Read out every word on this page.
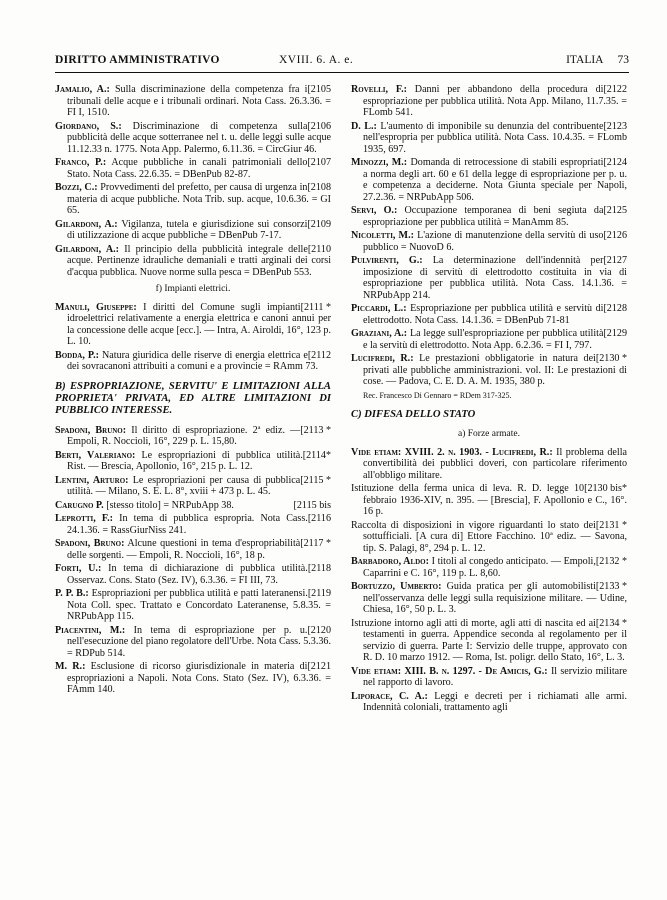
DIRITTO AMMINISTRATIVO	XVIII. 6. A. e.	ITALIA 73
[2105
Jamalio, A.: Sulla discriminazione della competenza fra i tribunali delle acque e i tribunali ordinari. Nota Cass. 26.3.36. = FI I, 1510.
[2106
Giordano, S.: Discriminazione di competenza sulla pubblicità delle acque sotterranee nel t. u. delle leggi sulle acque 11.12.33 n. 1775. Nota App. Palermo, 6.11.36. = CircGiur 46.
[2107
Franco, P.: Acque pubbliche in canali patrimoniali dello Stato. Nota Cass. 22.6.35. = DBenPub 82-87.
[2108
Bozzi, C.: Provvedimenti del prefetto, per causa di urgenza in materia di acque pubbliche. Nota Trib. sup. acque, 10.6.36. = GI 65.
[2109
Gilardoni, A.: Vigilanza, tutela e giurisdizione sui consorzi di utilizzazione di acque pubbliche = DBenPub 7-17.
[2110
Gilardoni, A.: Il principio della pubblicità integrale delle acque. Pertinenze idrauliche demaniali e tratti arginali dei corsi d'acqua pubblica. Nuove norme sulla pesca = DBenPub 553.
f) Impianti elettrici.
[2111 *
Manuli, Giuseppe: I diritti del Comune sugli impianti idroelettrici relativamente a energia elettrica e canoni annui per la concessione delle acque [ecc.]. — Intra, A. Airoldi, 16°, 123 p. L. 10.
[2112
Bodda, P.: Natura giuridica delle riserve di energia elettrica e dei sovracanoni attribuiti a comuni e a provincie = RAmm 73.
B) ESPROPRIAZIONE, SERVITU' E LIMITAZIONI ALLA PROPRIETA' PRIVATA, ED ALTRE LIMITAZIONI DI PUBBLICO INTERESSE.
[2113 *
Spadoni, Bruno: Il diritto di espropriazione. 2ª ediz. — Empoli, R. Noccioli, 16°, 229 p. L. 15,80.
[2114*
Berti, Valeriano: Le espropriazioni di pubblica utilità. Rist. — Brescia, Apollonio, 16°, 215 p. L. 12.
[2115 *
Lentini, Arturo: Le espropriazioni per causa di pubblica utilità. — Milano, S. E. L. 8°, xviii + 473 p. L. 45.
[2115 bis
Carugno P. [stesso titolo] = NRPubApp 38.
[2116
Leprotti, F.: In tema di pubblica espropria. Nota Cass. 24.1.36. = RassGiurNiss 241.
[2117 *
Spadoni, Bruno: Alcune questioni in tema d'espropriabilità delle sorgenti. — Empoli, R. Noccioli, 16°, 18 p.
[2118
Forti, U.: In tema di dichiarazione di pubblica utilità. Osservaz. Cons. Stato (Sez. IV), 6.3.36. = FI III, 73.
[2119
P. P. B.: Espropriazioni per pubblica utilità e patti lateranensi. Nota Coll. spec. Trattato e Concordato Lateranense, 5.8.35. = NRPubApp 115.
[2120
Piacentini, M.: In tema di espropriazione per p. u. nell'esecuzione del piano regolatore dell'Urbe. Nota Cass. 5.3.36. = RDPub 514.
[2121
M. R.: Esclusione di ricorso giurisdizionale in materia di espropriazioni a Napoli. Nota Cons. Stato (Sez. IV), 6.3.36. = FAmm 140.
[2122
Rovelli, F.: Danni per abbandono della procedura di espropriazione per pubblica utilità. Nota App. Milano, 11.7.35. = FLomb 541.
[2123
D. L.: L'aumento di imponibile su denunzia del contribuente nell'espropria per pubblica utilità. Nota Cass. 10.4.35. = FLomb 1935, 697.
[2124
Minozzi, M.: Domanda di retrocessione di stabili espropriati a norma degli art. 60 e 61 della legge di espropriazione per p. u. e competenza a deciderne. Nota Giunta speciale per Napoli, 27.2.36. = NRPubApp 506.
[2125
Servi, O.: Occupazione temporanea di beni segiuta da espropriazione per pubblica utilità = ManAmm 85.
[2126
Nicoletti, M.: L'azione di manutenzione della servitù di uso pubblico = NuovoD 6.
[2127
Pulvirenti, G.: La determinazione dell'indennità per imposizione di servitù di elettrodotto costituita in via di espropriazione per pubblica utilità. Nota Cass. 14.1.36. = NRPubApp 214.
[2128
Piccardi, L.: Espropriazione per pubblica utilità e servitù di elettrodotto. Nota Cass. 14.1.36. = DBenPub 71-81
[2129
Graziani, A.: La legge sull'espropriazione per pubblica utilità e la servitù di elettrodotto. Nota App. 6.2.36. = FI I, 797.
[2130 *
Lucifredi, R.: Le prestazioni obbligatorie in natura dei privati alle pubbliche amministrazioni. vol. II: Le prestazioni di cose. — Padova, C. E. D. A. M. 1935, 380 p.
Rec. Francesco Di Gennaro = RDem 317-325.
C) DIFESA DELLO STATO
a) Forze armate.
Vide etiam: XVIII. 2. n. 1903. - Lucifredi, R.: Il problema della convertibilità dei pubblici doveri, con particolare riferimento all'obbligo militare.
[2130 bis*
Istituzione della ferma unica di leva. R. D. legge 10 febbraio 1936-XIV, n. 395. — [Brescia], F. Apollonio e C., 16°. 16 p.
[2131 *
Raccolta di disposizioni in vigore riguardanti lo stato dei sottufficiali. [A cura di] Ettore Facchino. 10ª ediz. — Savona, tip. S. Palagi, 8°, 294 p. L. 12.
[2132 *
Barbadoro, Aldo: I titoli al congedo anticipato. — Empoli, Caparrini e C. 16°, 119 p. L. 8,60.
[2133 *
Bortuzzo, Umberto: Guida pratica per gli automobilisti nell'osservanza delle leggi sulla requisizione militare. — Udine, Chiesa, 16°, 50 p. L. 3.
[2134 *
Istruzione intorno agli atti di morte, agli atti di nascita ed ai testamenti in guerra. Appendice seconda al regolamento per il servizio di guerra. Parte I: Servizio delle truppe, approvato con R. D. 10 marzo 1912. — Roma, Ist. poligr. dello Stato, 16°, L. 3.
Vide etiam: XIII. B. n. 1297. - De Amicis, G.: Il servizio militare nel rapporto di lavoro.
Liporace, C. A.: Leggi e decreti per i richiamati alle armi. Indennità coloniali, trattamento agli
